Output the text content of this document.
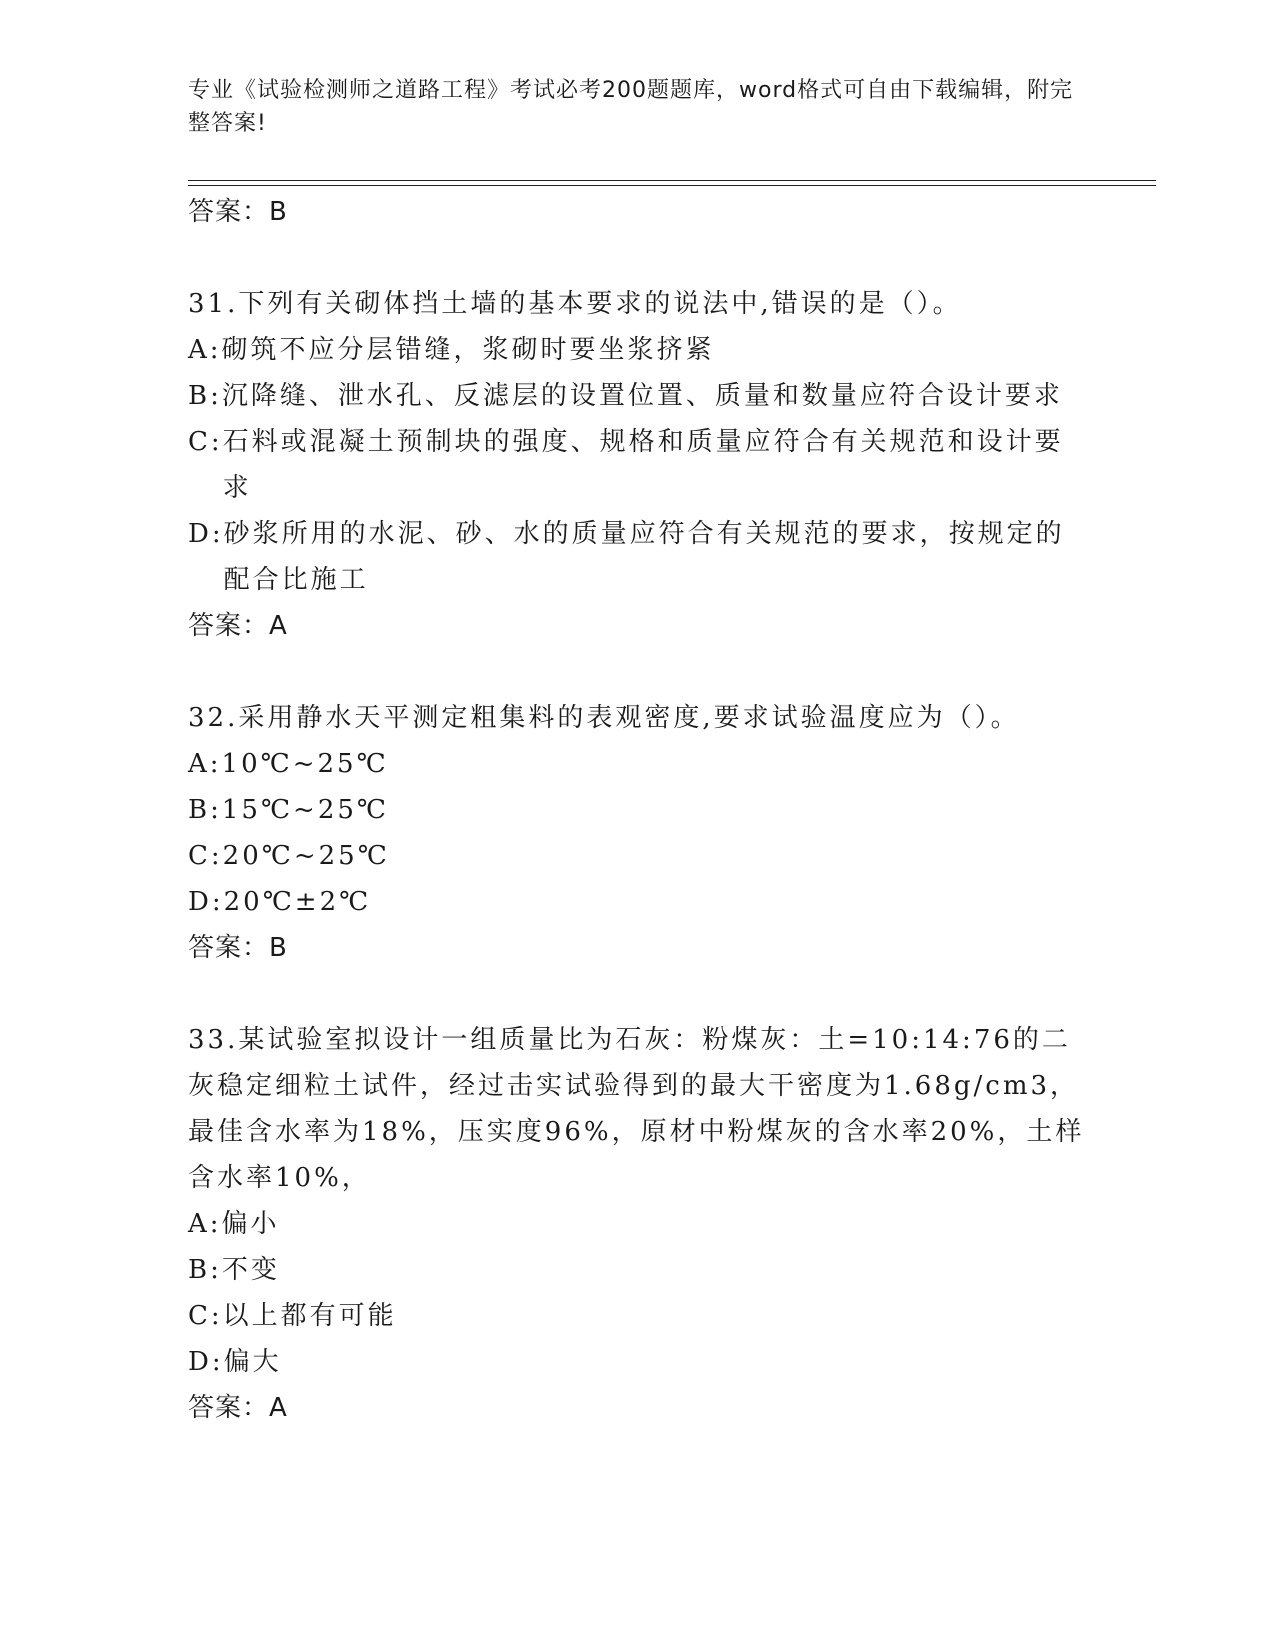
专业《试验检测师之道路工程》考试必考200题题库，word格式可自由下载编辑，附完整答案!
答案：B
31.下列有关砌体挡土墙的基本要求的说法中,错误的是（）。
A: 砌筑不应分层错缝，浆砌时要坐浆挤紧
B: 沉降缝、泄水孔、反滤层的设置位置、质量和数量应符合设计要求
C: 石料或混凝土预制块的强度、规格和质量应符合有关规范和设计要求
D: 砂浆所用的水泥、砂、水的质量应符合有关规范的要求，按规定的配合比施工
答案：A
32.采用静水天平测定粗集料的表观密度,要求试验温度应为（）。
A: 10℃~25℃
B: 15℃~25℃
C: 20℃~25℃
D: 20℃±2℃
答案：B
33.某试验室拟设计一组质量比为石灰：粉煤灰：土=10:14:76的二灰稳定细粒土试件，经过击实试验得到的最大干密度为1.68g/cm3，最佳含水率为18%，压实度96%，原材中粉煤灰的含水率20%，土样含水率10%，
A: 偏小
B: 不变
C: 以上都有可能
D: 偏大
答案：A
